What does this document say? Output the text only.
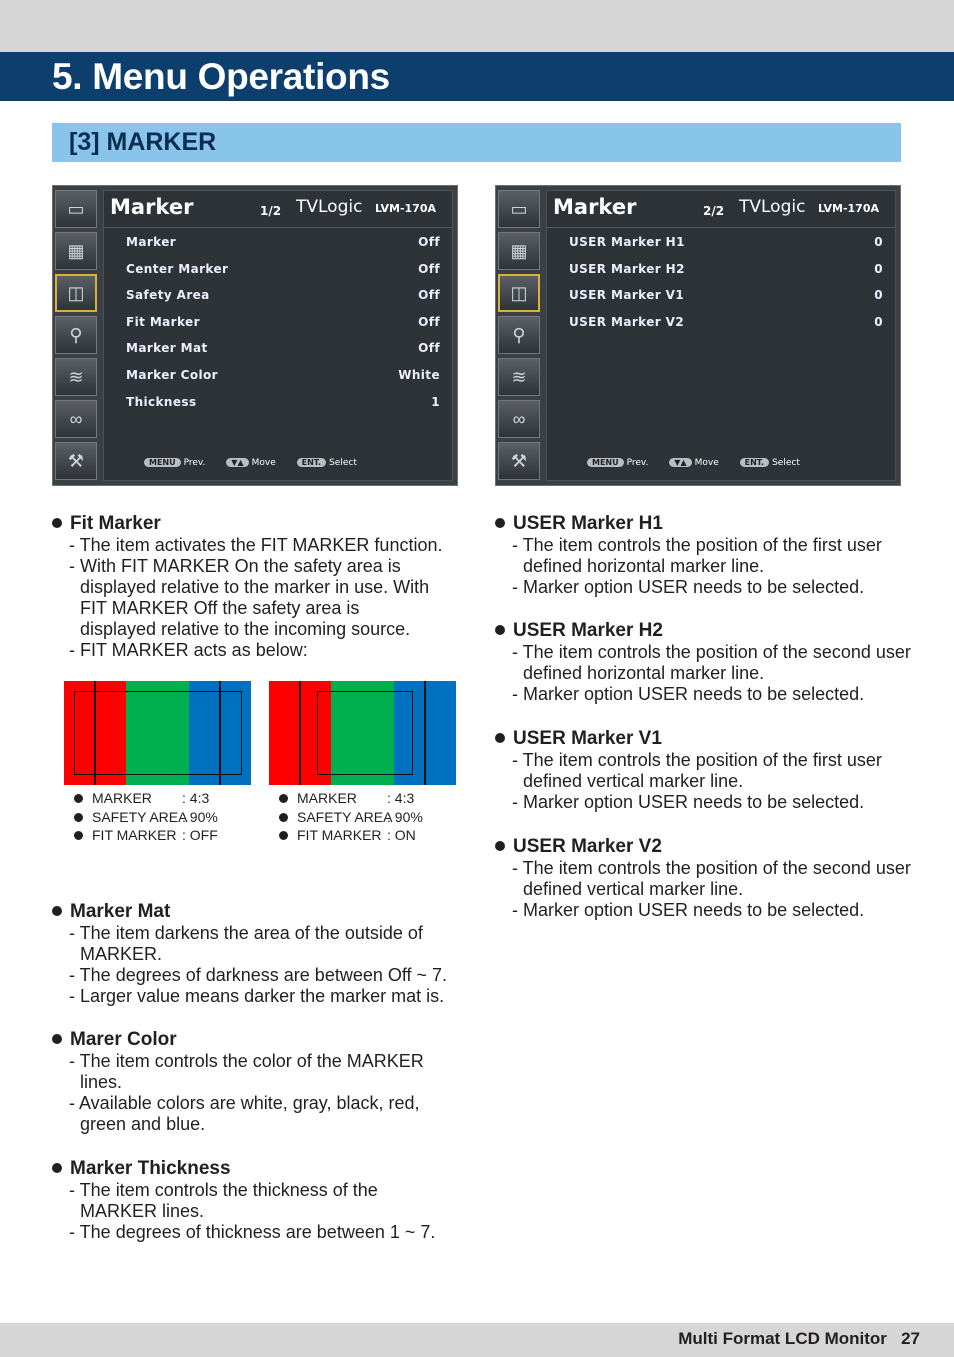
5. Menu Operations
[3] MARKER
▭
▦
◫
⚲
≋
∞
⚒
Marker	1/2 TVLogic LVM-170A
Marker	Off
Center Marker	Off
Safety Area	Off
Fit Marker	Off
Marker Mat	Off
Marker Color	White
Thickness	1
MENU Prev.	▼▲ Move	ENT. Select
▭
▦
◫
⚲
≋
∞
⚒
Marker	2/2 TVLogic LVM-170A
USER Marker H1	0
USER Marker H2	0
USER Marker V1	0
USER Marker V2	0
MENU Prev.	▼▲ Move	ENT. Select
Fit Marker

- The item activates the FIT MARKER function.

- With FIT MARKER On the safety area is displayed relative to the marker in use. With FIT MARKER Off the safety area is displayed relative to the incoming source.

- FIT MARKER acts as below:

MARKER : 4:3
SAFETY AREA: 90%
FIT MARKER : OFF
MARKER : 4:3
SAFETY AREA: 90%
FIT MARKER : ON
Marker Mat

- The item darkens the area of the outside of MARKER.

- The degrees of darkness are between Off ~ 7.

- Larger value means darker the marker mat is.

Marer Color

- The item controls the color of the MARKER lines.

- Available colors are white, gray, black, red, green and blue.

Marker Thickness

- The item controls the thickness of the MARKER lines.

- The degrees of thickness are between 1 ~ 7.

USER Marker H1

- The item controls the position of the first user defined horizontal marker line.

- Marker option USER needs to be selected.

USER Marker H2

- The item controls the position of the second user defined horizontal marker line.

- Marker option USER needs to be selected.

USER Marker V1

- The item controls the position of the first user defined vertical marker line.

- Marker option USER needs to be selected.

USER Marker V2

- The item controls the position of the second user defined vertical marker line.

- Marker option USER needs to be selected.

Multi Format LCD Monitor   27
